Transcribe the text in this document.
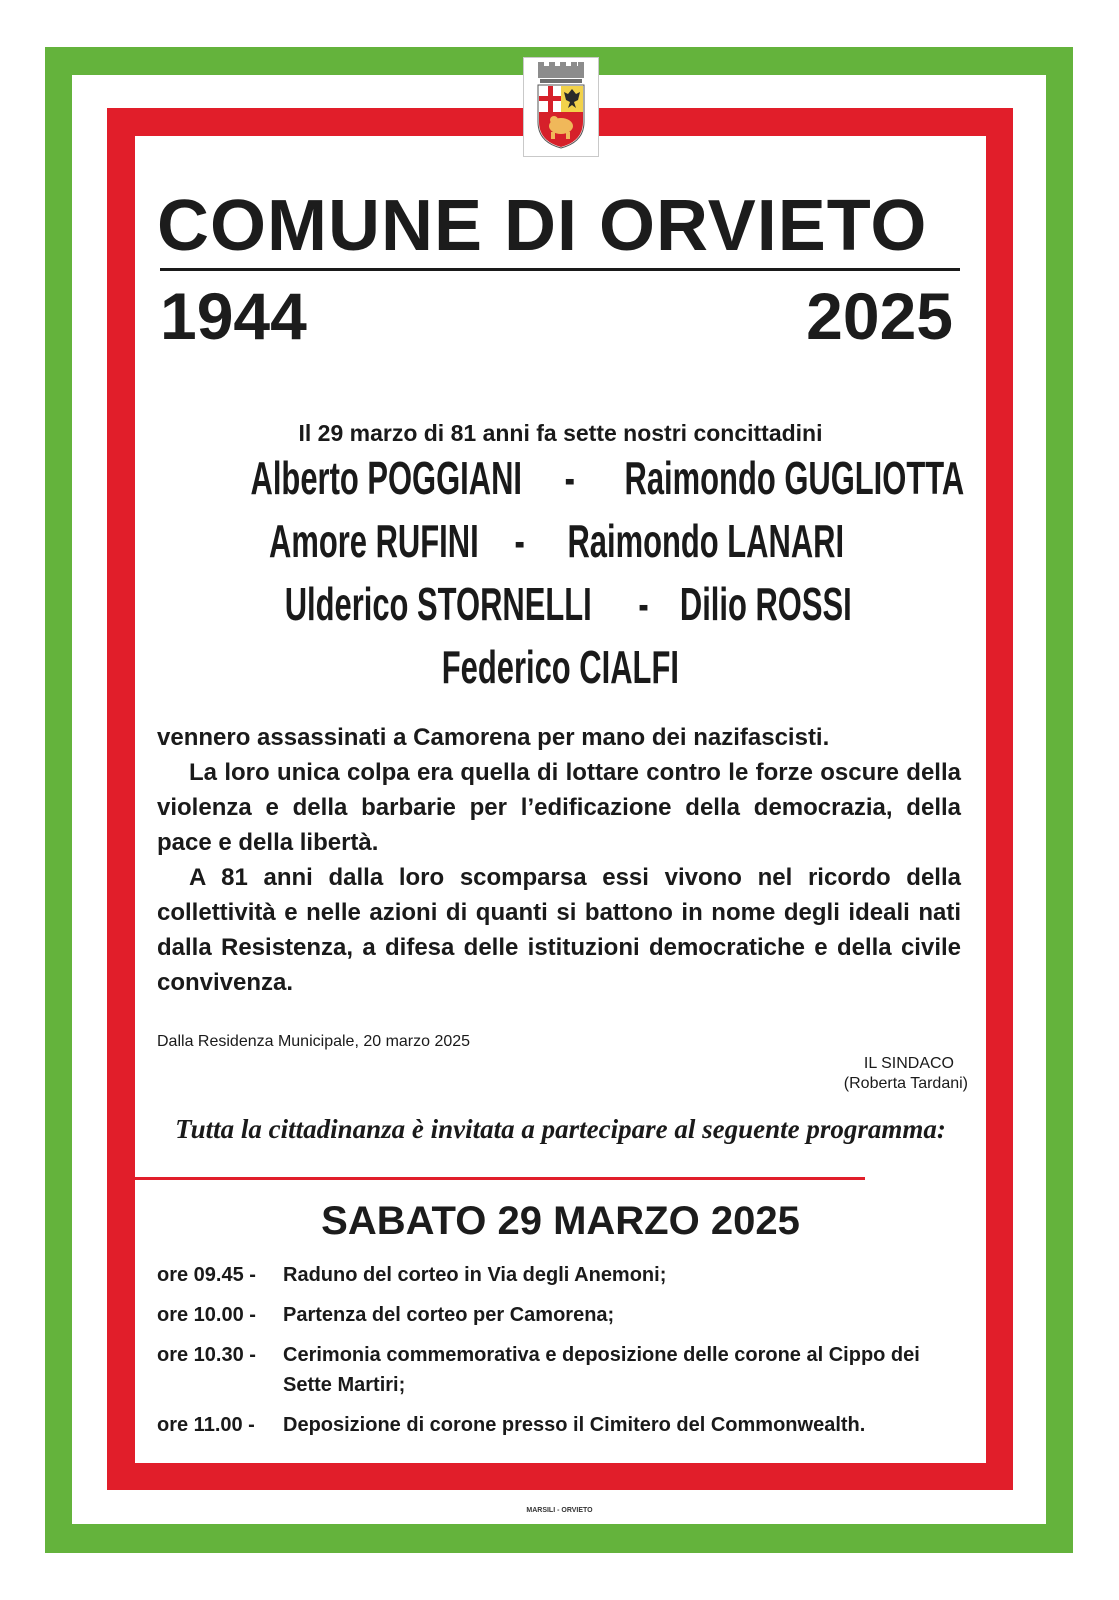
COMUNE DI ORVIETO
1944	2025

Il 29 marzo di 81 anni fa sette nostri concittadini

Alberto POGGIANI - Raimondo GUGLIOTTA
Amore RUFINI - Raimondo LANARI
Ulderico STORNELLI - Dilio ROSSI
Federico CIALFI

vennero assassinati a Camorena per mano dei nazifascisti.

La loro unica colpa era quella di lottare contro le forze oscure della violenza e della barbarie per l’edificazione della democrazia, della pace e della libertà.

A 81 anni dalla loro scomparsa essi vivono nel ricordo della collettività e nelle azioni di quanti si battono in nome degli ideali nati dalla Resistenza, a difesa delle istituzioni democratiche e della civile convivenza.

Dalla Residenza Municipale, 20 marzo 2025
IL SINDACO
(Roberta Tardani)

Tutta la cittadinanza è invitata a partecipare al seguente programma:

SABATO 29 MARZO 2025
ore 09.45 -	Raduno del corteo in Via degli Anemoni;
ore 10.00 -	Partenza del corteo per Camorena;
ore 10.30 -	Cerimonia commemorativa e deposizione delle corone al Cippo dei Sette Martiri;
ore 11.00 -	Deposizione di corone presso il Cimitero del Commonwealth.
MARSILI - ORVIETO
